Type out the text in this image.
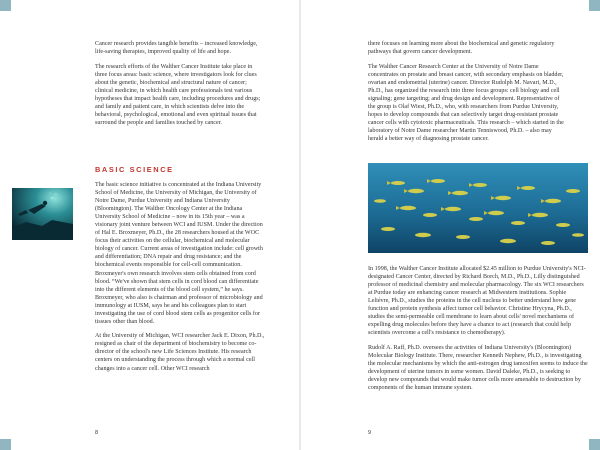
Cancer research provides tangible benefits – increased knowledge, life-saving therapies, improved quality of life and hope.

The research efforts of the Walther Cancer Institute take place in three focus areas: basic science, where investigators look for clues about the genetic, biochemical and structural nature of cancer; clinical medicine, in which health care professionals test various hypotheses that impact health care, including procedures and drugs; and family and patient care, in which scientists delve into the behavioral, psychological, emotional and even spiritual issues that surround the people and families touched by cancer.

BASIC SCIENCE

The basic science initiative is concentrated at the Indiana University School of Medicine, the University of Michigan, the University of Notre Dame, Purdue University and Indiana University (Bloomington). The Walther Oncology Center at the Indiana University School of Medicine – now in its 15th year – was a visionary joint venture between WCI and IUSM. Under the direction of Hal E. Broxmeyer, Ph.D., the 28 researchers housed at the WOC focus their activities on the cellular, biochemical and molecular biology of cancer. Current areas of investigation include: cell growth and differentiation; DNA repair and drug resistance; and the biochemical events responsible for cell-cell communication. Broxmeyer's own research involves stem cells obtained from cord blood. “We've shown that stem cells in cord blood can differentiate into the different elements of the blood cell system,” he says. Broxmeyer, who also is chairman and professor of microbiology and immunology at IUSM, says he and his colleagues plan to start investigating the use of cord blood stem cells as progenitor cells for tissues other than blood.

At the University of Michigan, WCI researcher Jack E. Dixon, Ph.D., resigned as chair of the department of biochemistry to become co-director of the school's new Life Sciences Institute. His research centers on understanding the process through which a normal cell changes into a cancer cell. Other WCI research

8

there focuses on learning more about the biochemical and genetic regulatory pathways that govern cancer development.

The Walther Cancer Research Center at the University of Notre Dame concentrates on prostate and breast cancer, with secondary emphasis on bladder, ovarian and endometrial (uterine) cancer. Director Rudolph M. Navari, M.D., Ph.D., has organized the research into three focus groups: cell biology and cell signaling; gene targeting; and drug design and development. Representative of the group is Olaf Wiest, Ph.D., who, with researchers from Purdue University, hopes to develop compounds that can selectively target drug-resistant prostate cancer cells with cytotoxic pharmaceuticals. This research – which started in the laboratory of Notre Dame researcher Martin Tenniswood, Ph.D. – also may herald a better way of diagnosing prostate cancer.

In 1998, the Walther Cancer Institute allocated $2.45 million to Purdue University's NCI-designated Cancer Center, directed by Richard Borch, M.D., Ph.D., Lilly distinguished professor of medicinal chemistry and molecular pharmacology. The six WCI researchers at Purdue today are enhancing cancer research at Midwestern institutions. Sophie Leliévre, Ph.D., studies the proteins in the cell nucleus to better understand how gene function and protein synthesis affect tumor cell behavior. Christine Hrycyna, Ph.D., studies the semi-permeable cell membrane to learn about cells' novel mechanisms of expelling drug molecules before they have a chance to act (research that could help scientists overcome a cell's resistance to chemotherapy).

Rudolf A. Raff, Ph.D. oversees the activities of Indiana University's (Bloomington) Molecular Biology Institute. There, researcher Kenneth Nephew, Ph.D., is investigating the molecular mechanisms by which the anti-estrogen drug tamoxifen seems to induce the development of uterine tumors in some women. David Daleke, Ph.D., is seeking to develop new compounds that would make tumor cells more amenable to destruction by components of the human immune system.

9
